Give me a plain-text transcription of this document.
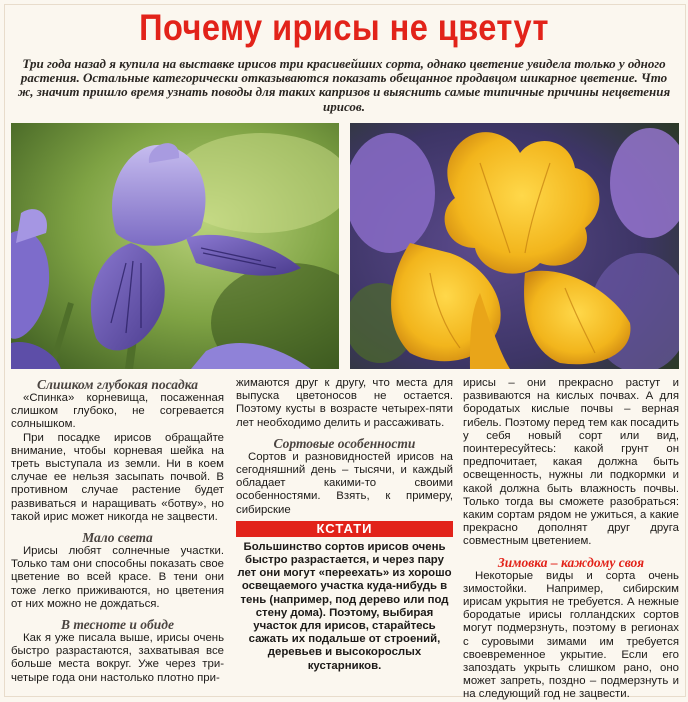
Почему ирисы не цветут
Три года назад я купила на выставке ирисов три красивейших сорта, однако цветение увидела только у одного растения. Остальные категорически отказываются показать обещанное продавцом шикарное цветение. Что ж, значит пришло время узнать поводы для таких капризов и выяснить самые типичные причины нецветения ирисов.
Слишком глубокая посадка

«Спинка» корневища, посаженная слишком глубоко, не согревается солнышком.

При посадке ирисов обращайте внимание, чтобы корневая шейка на треть выступала из земли. Ни в коем случае ее нельзя засыпать почвой. В противном случае растение будет развиваться и наращивать «ботву», но такой ирис может никогда не зацвести.

Мало света

Ирисы любят солнечные участки. Только там они способны показать свое цветение во всей красе. В тени они тоже легко приживаются, но цветения от них можно не дождаться.

В тесноте и обиде

Как я уже писала выше, ирисы очень быстро разрастаются, захватывая все больше места вокруг. Уже через три-четыре года они настолько плотно при-

жимаются друг к другу, что места для выпуска цветоносов не остается. Поэтому кусты в возрасте четырех-пяти лет необходимо делить и рассаживать.

Сортовые особенности

Сортов и разновидностей ирисов на сегодняшний день – тысячи, и каждый обладает какими-то своими особенностями. Взять, к примеру, сибирские

КСТАТИ
Большинство сортов ирисов очень быстро разрастается, и через пару лет они могут «переехать» из хорошо освещаемого участка куда-нибудь в тень (например, под дерево или под стену дома). Поэтому, выбирая участок для ирисов, старайтесь сажать их подальше от строений, деревьев и высокорослых кустарников.

ирисы – они прекрасно растут и развиваются на кислых почвах. А для бородатых кислые почвы – верная гибель. Поэтому перед тем как посадить у себя новый сорт или вид, поинтересуйтесь: какой грунт он предпочитает, какая должна быть освещенность, нужны ли подкормки и какой должна быть влажность почвы. Только тогда вы сможете разобраться: каким сортам рядом не ужиться, а какие прекрасно дополнят друг друга совместным цветением.

Зимовка – каждому своя

Некоторые виды и сорта очень зимостойки. Например, сибирским ирисам укрытия не требуется. А нежные бородатые ирисы голландских сортов могут подмерзнуть, поэтому в регионах с суровыми зимами им требуется своевременное укрытие. Если его запоздать укрыть слишком рано, оно может запреть, поздно – подмерзнуть и на следующий год не зацвести.
